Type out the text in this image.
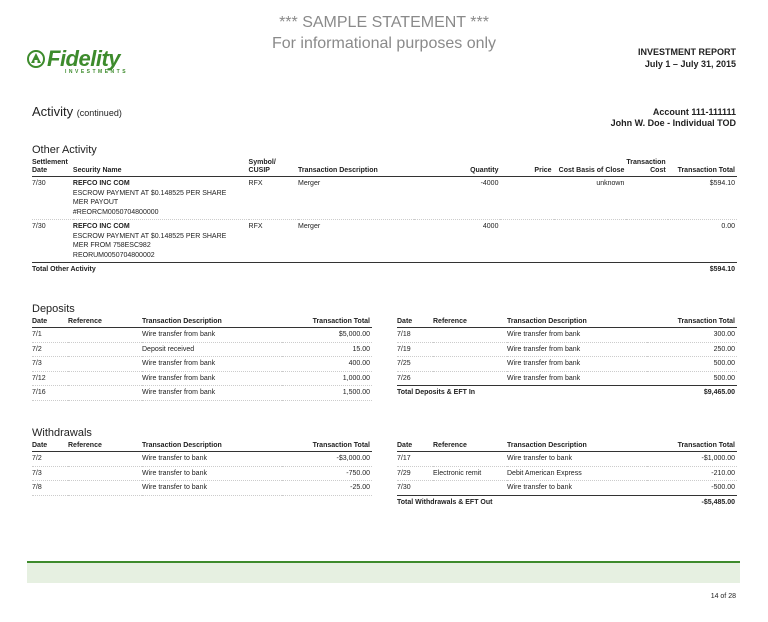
*** SAMPLE STATEMENT ***
For informational purposes only
Fidelity
INVESTMENTS
INVESTMENT REPORT
July 1 – July 31, 2015
Activity (continued)	Account 111-111111
John W. Doe - Individual TOD
Other Activity
Settlement Date	Security Name	Symbol/ CUSIP	Transaction Description	Quantity	Price	Cost Basis of Close	Transaction Cost	Transaction Total
7/30	REFCO INC COM
ESCROW PAYMENT AT $0.148525 PER SHARE
MER PAYOUT
#REORCM0050704800000	RFX	Merger	-4000		unknown		$594.10
7/30	REFCO INC COM
ESCROW PAYMENT AT $0.148525 PER SHARE
MER FROM 758ESC982
REORUM0050704800002	RFX	Merger	4000				0.00
Total Other Activity								$594.10
Deposits
Date	Reference	Transaction Description	Transaction Total
7/1		Wire transfer from bank	$5,000.00
7/2		Deposit received	15.00
7/3		Wire transfer from bank	400.00
7/12		Wire transfer from bank	1,000.00
7/16		Wire transfer from bank	1,500.00
Date	Reference	Transaction Description	Transaction Total
7/18		Wire transfer from bank	300.00
7/19		Wire transfer from bank	250.00
7/25		Wire transfer from bank	500.00
7/26		Wire transfer from bank	500.00
Total Deposits & EFT In			$9,465.00
Withdrawals
Date	Reference	Transaction Description	Transaction Total
7/2		Wire transfer to bank	-$3,000.00
7/3		Wire transfer to bank	-750.00
7/8		Wire transfer to bank	-25.00
Date	Reference	Transaction Description	Transaction Total
7/17		Wire transfer to bank	-$1,000.00
7/29	Electronic remit	Debit American Express	-210.00
7/30		Wire transfer to bank	-500.00
Total Withdrawals & EFT Out			-$5,485.00
14 of 28
